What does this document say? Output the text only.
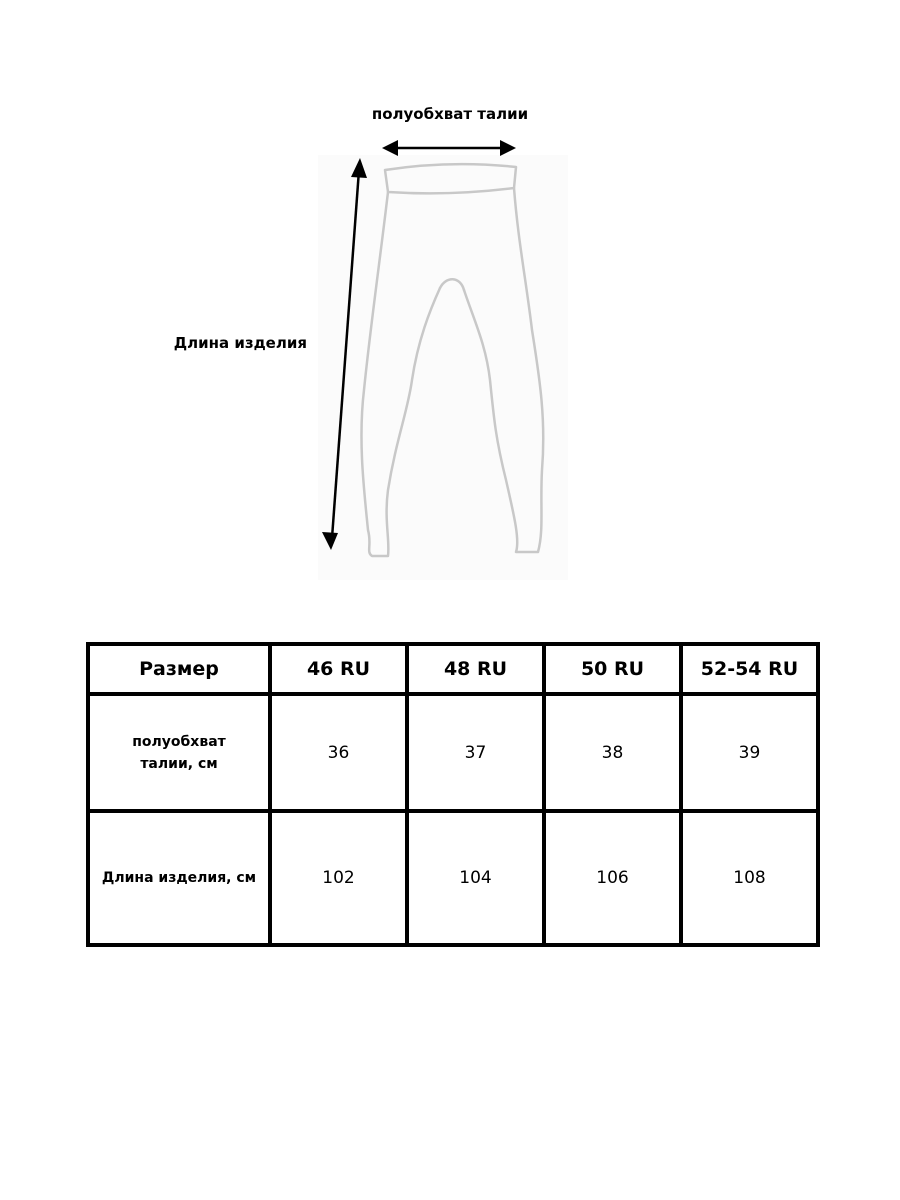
полуобхват талии
Длина изделия
Размер	46 RU	48 RU	50 RU	52-54 RU
полуобхват талии, см	36	37	38	39
Длина изделия, см	102	104	106	108
